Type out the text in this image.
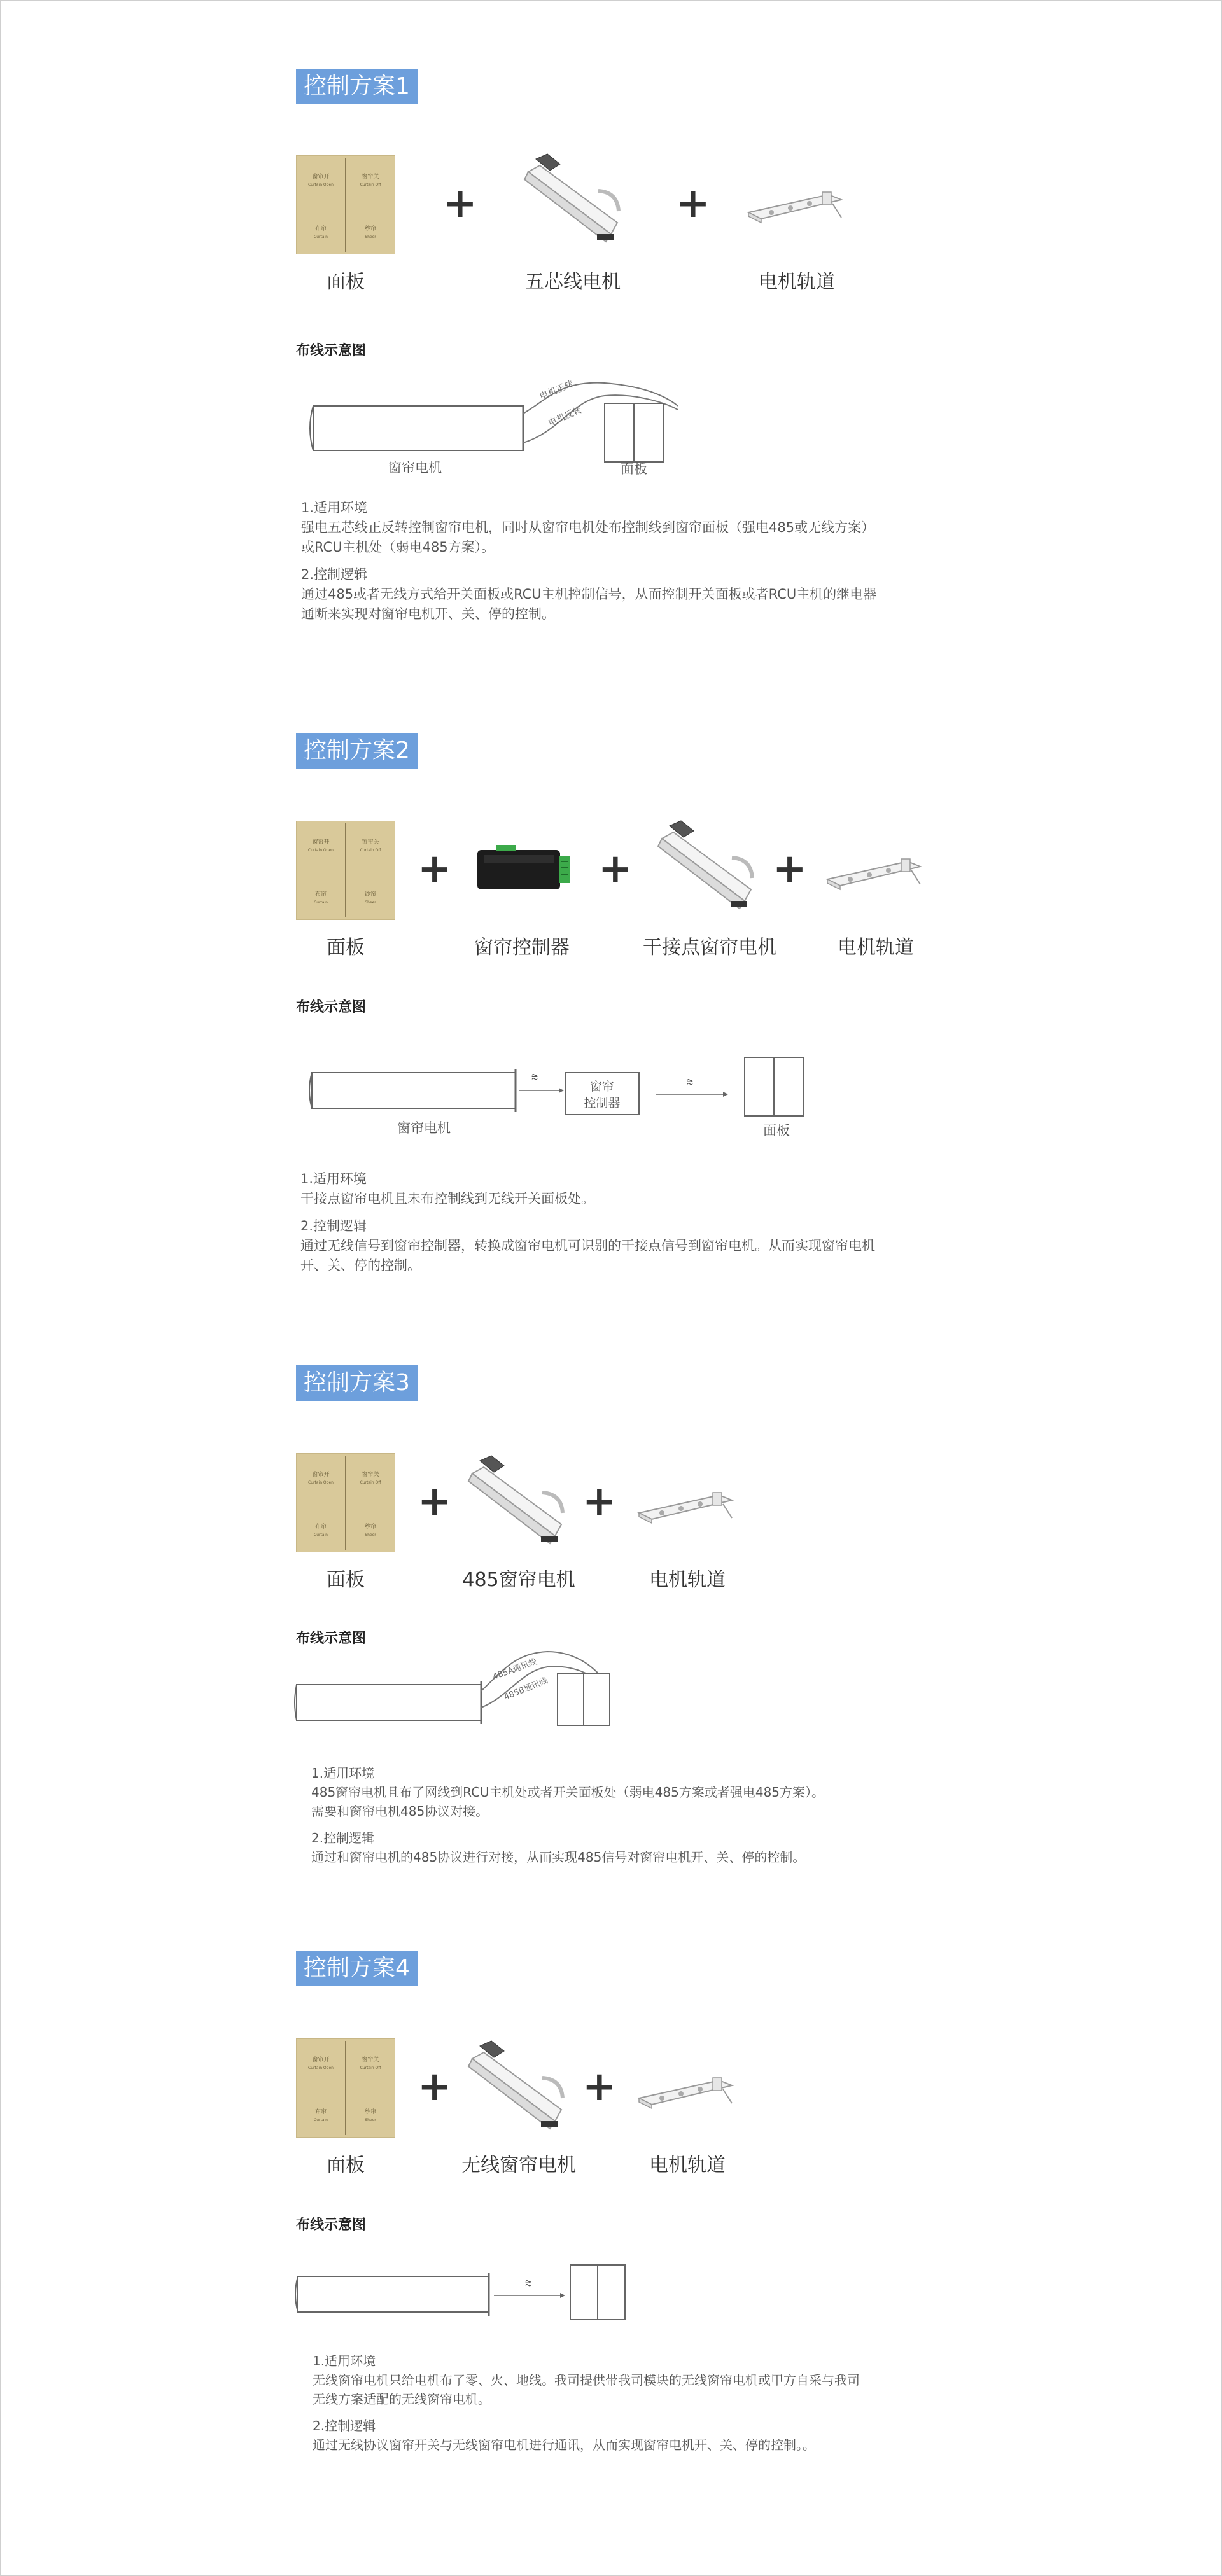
控制方案1
窗帘开
Curtain Open
窗帘关
Curtain Off
布帘
Curtain
纱帘
Sheer
面板
+
五芯线电机
+
电机轨道
布线示意图
电机正转
电机反转
窗帘电机	面板

1.适用环境

强电五芯线正反转控制窗帘电机，同时从窗帘电机处布控制线到窗帘面板（强电485或无线方案）

或RCU主机处（弱电485方案）。

2.控制逻辑

通过485或者无线方式给开关面板或RCU主机控制信号，从而控制开关面板或者RCU主机的继电器

通断来实现对窗帘电机开、关、停的控制。

控制方案2
窗帘开
Curtain Open
窗帘关
Curtain Off
布帘
Curtain
纱帘
Sheer
面板
+
窗帘控制器
+
干接点窗帘电机
+
电机轨道
布线示意图
⩬
窗帘
控制器
⩬
窗帘电机	面板

1.适用环境

干接点窗帘电机且未布控制线到无线开关面板处。

2.控制逻辑

通过无线信号到窗帘控制器，转换成窗帘电机可识别的干接点信号到窗帘电机。从而实现窗帘电机

开、关、停的控制。

控制方案3
窗帘开
Curtain Open
窗帘关
Curtain Off
布帘
Curtain
纱帘
Sheer
面板
+
485窗帘电机
+
电机轨道
布线示意图
485A通讯线
485B通讯线

1.适用环境

485窗帘电机且布了网线到RCU主机处或者开关面板处（弱电485方案或者强电485方案）。

需要和窗帘电机485协议对接。

2.控制逻辑

通过和窗帘电机的485协议进行对接，从而实现485信号对窗帘电机开、关、停的控制。

控制方案4
窗帘开
Curtain Open
窗帘关
Curtain Off
布帘
Curtain
纱帘
Sheer
面板
+
无线窗帘电机
+
电机轨道
布线示意图
⩬

1.适用环境

无线窗帘电机只给电机布了零、火、地线。我司提供带我司模块的无线窗帘电机或甲方自采与我司

无线方案适配的无线窗帘电机。

2.控制逻辑

通过无线协议窗帘开关与无线窗帘电机进行通讯，从而实现窗帘电机开、关、停的控制。。
